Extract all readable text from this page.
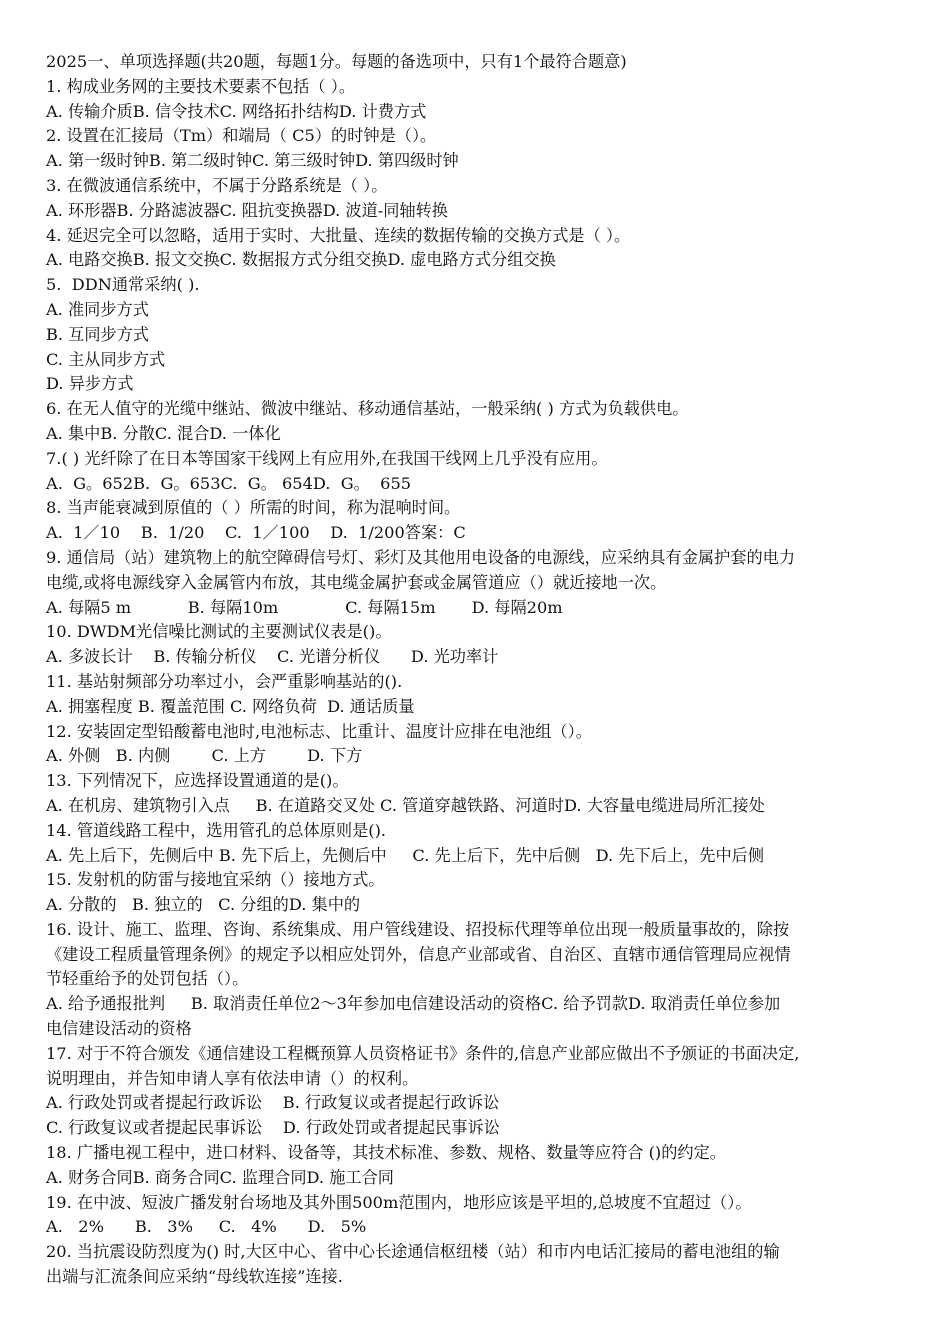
2025一、单项选择题(共20题，每题1分。每题的备选项中，只有1个最符合题意)
1. 构成业务网的主要技术要素不包括（ ）。
A. 传输介质B. 信令技术C. 网络拓扑结构D. 计费方式
2. 设置在汇接局（Tm）和端局（ C5）的时钟是（）。
A. 第一级时钟B. 第二级时钟C. 第三级时钟D. 第四级时钟
3. 在微波通信系统中，不属于分路系统是（ ）。
A. 环形器B. 分路滤波器C. 阻抗变换器D. 波道-同轴转换
4. 延迟完全可以忽略，适用于实时、大批量、连续的数据传输的交换方式是（ ）。
A. 电路交换B. 报文交换C. 数据报方式分组交换D. 虚电路方式分组交换
5.  DDN通常采纳( ).
A. 准同步方式
B. 互同步方式
C. 主从同步方式
D. 异步方式
6. 在无人值守的光缆中继站、微波中继站、移动通信基站，一般采纳( ) 方式为负载供电。
A. 集中B. 分散C. 混合D. 一体化
7.( ) 光纤除了在日本等国家干线网上有应用外,在我国干线网上几乎没有应用。
A.  G。652B.  G。653C.  G。 654D.  G。  655
8. 当声能衰减到原值的（ ）所需的时间，称为混响时间。
A.  1／10    B.  1/20    C.  1／100    D.  1/200答案：C
9. 通信局（站）建筑物上的航空障碍信号灯、彩灯及其他用电设备的电源线，应采纳具有金属护套的电力
电缆,或将电源线穿入金属管内布放，其电缆金属护套或金属管道应（）就近接地一次。
A. 每隔5 m           B. 每隔10m             C. 每隔15m       D. 每隔20m
10. DWDM光信噪比测试的主要测试仪表是()。
A. 多波长计    B. 传输分析仪    C. 光谱分析仪      D. 光功率计
11. 基站射频部分功率过小，会严重影响基站的().
A. 拥塞程度 B. 覆盖范围 C. 网络负荷  D. 通话质量
12. 安装固定型铅酸蓄电池时,电池标志、比重计、温度计应排在电池组（）。
A. 外侧   B. 内侧        C. 上方        D. 下方
13. 下列情况下，应选择设置通道的是()。
A. 在机房、建筑物引入点     B. 在道路交叉处 C. 管道穿越铁路、河道时D. 大容量电缆进局所汇接处
14. 管道线路工程中，选用管孔的总体原则是().
A. 先上后下，先侧后中 B. 先下后上，先侧后中     C. 先上后下，先中后侧   D. 先下后上，先中后侧
15. 发射机的防雷与接地宜采纳（）接地方式。
A. 分散的   B. 独立的   C. 分组的D. 集中的
16. 设计、施工、监理、咨询、系统集成、用户管线建设、招投标代理等单位出现一般质量事故的，除按
《建设工程质量管理条例》的规定予以相应处罚外，信息产业部或省、自治区、直辖市通信管理局应视情
节轻重给予的处罚包括（）。
A. 给予通报批判     B. 取消责任单位2～3年参加电信建设活动的资格C. 给予罚款D. 取消责任单位参加
电信建设活动的资格
17. 对于不符合颁发《通信建设工程概预算人员资格证书》条件的,信息产业部应做出不予颁证的书面决定,
说明理由，并告知申请人享有依法申请（）的权利。
A. 行政处罚或者提起行政诉讼    B. 行政复议或者提起行政诉讼
C. 行政复议或者提起民事诉讼    D. 行政处罚或者提起民事诉讼
18. 广播电视工程中，进口材料、设备等，其技术标准、参数、规格、数量等应符合 ()的约定。
A. 财务合同B. 商务合同C. 监理合同D. 施工合同
19. 在中波、短波广播发射台场地及其外围500m范围内，地形应该是平坦的,总坡度不宜超过（）。
A.   2%      B.   3%     C.   4%      D.   5%
20. 当抗震设防烈度为() 时,大区中心、省中心长途通信枢纽楼（站）和市内电话汇接局的蓄电池组的输
出端与汇流条间应采纳“母线软连接”连接.
